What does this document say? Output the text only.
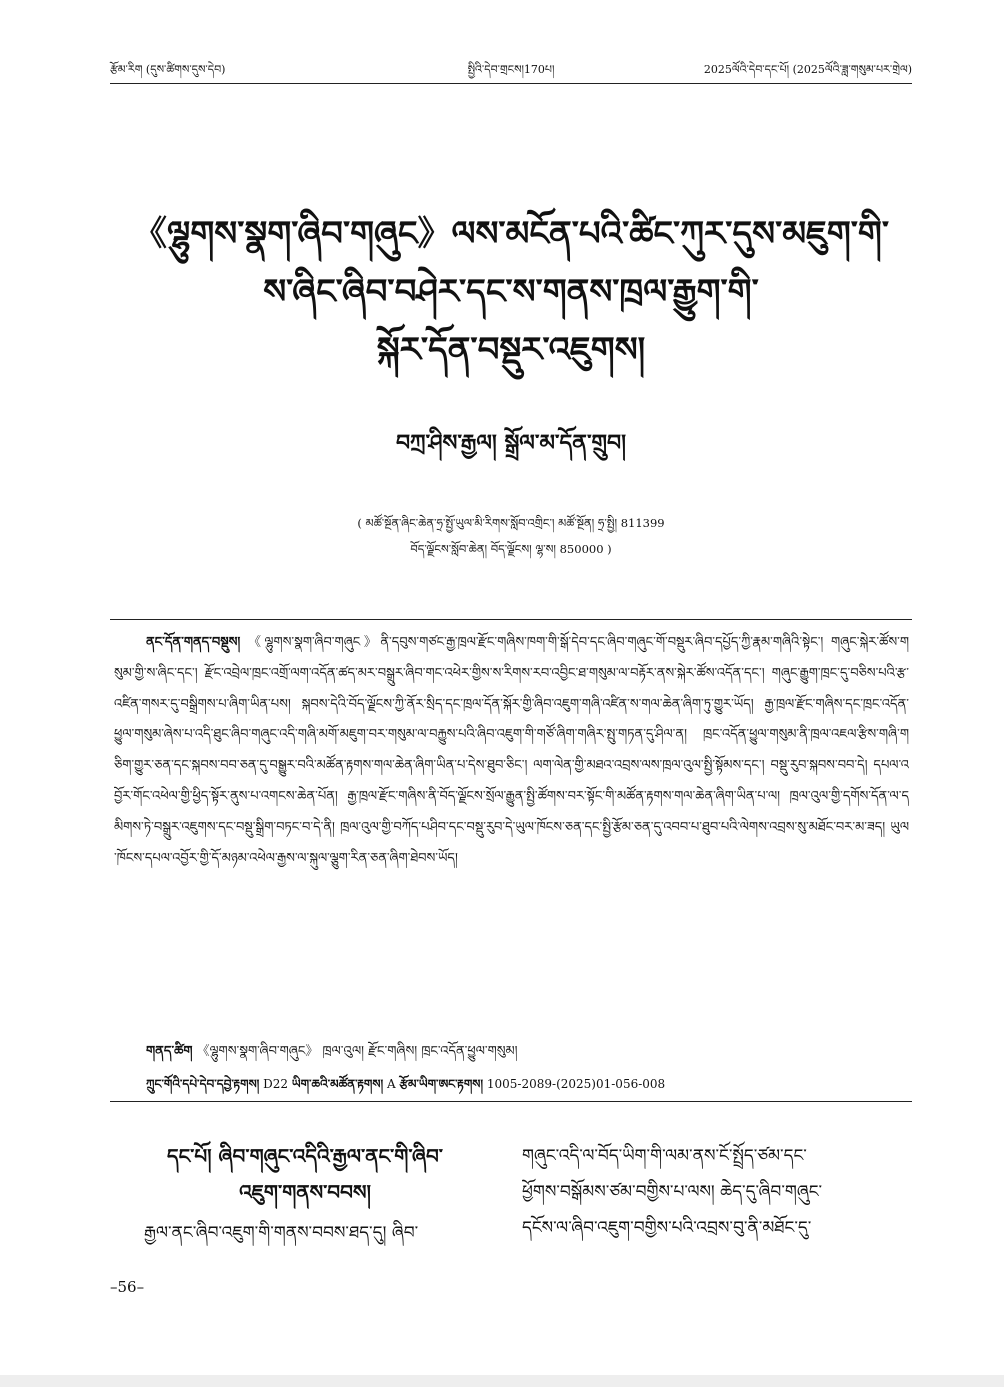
རྩོམ་རིག (དུས་ཚིགས་དུས་དེབ)	སྤྱིའི་དེབ་གྲངས།170པ།	2025ལོའི་དེབ་དང་པོ། (2025ལོའི་ཟླ་གསུམ་པར་གྲེལ)
《ལྷུགས་སྣག་ཞིབ་གཞུང》ལས་མངོན་པའི་ཚིང་ཀུར་དུས་མཇུག་གི་
ས་ཞིང་ཞིབ་བཤེར་དང་ས་གནས་ཁྲལ་རྒྱུག་གི་
སྐོར་དོན་བསྡུར་འཇུགས།
བཀྲ་ཤིས་རྒྱལ། སྒྲོལ་མ་དོན་གྲུབ།
( མཚོ་སྔོན་ཞིང་ཆེན་ཧྲ་སྤྱོ་ཡུལ་མི་རིགས་སློབ་འགྲིང་། མཚོ་སྔོན། ཧྲ་སྤྱི། 811399
བོད་ལྗོངས་སློབ་ཆེན། བོད་ལྗོངས། ལྷ་ས། 850000 )

ནང་དོན་གནད་བསྡུས། 《ལྷུགས་སྣག་ཞིབ་གཞུང》ནི་དབུས་གཙང་རྒྱ་ཁྲལ་རྫོང་གཞིས་ཁག་གི་སྒོ་དེབ་དང་ཞིབ་གཞུང་གོ་བསྡུར་ཞིབ་དཔྱོད་ཀྱི་རྣམ་གཞིའི་སྟེང་། གཞུང་སྐེར་ཚོས་གསུམ་གྱི་ས་ཞིང་དང་། རྫོང་འབྲེལ་ཁྲང་འགྲོ་ལག་འདོན་ཚད་མར་བསྒྲུར་ཞིབ་གང་འཕེར་གྱིས་ས་རིགས་རབ་འབྱིང་ཐ་གསུམ་ལ་བརྟོར་ནས་སྐེར་ཚོས་འདོན་དང་། གཞུང་རྒྱུག་ཁྲང་དུ་བཅིས་པའི་རྩ་འཛིན་གསར་དུ་བསྒྲིགས་པ་ཞིག་ཡིན་པས། སྐབས་དེའི་བོད་ལྗོངས་ཀྱི་ནོར་སྲིད་དང་ཁྲལ་དོན་སྐོར་གྱི་ཞིབ་འཇུག་གཞི་འཛིན་ས་གལ་ཆེན་ཞིག་ཏུ་གྱུར་ཡོད། རྒྱ་ཁྲལ་རྫོང་གཞིས་དང་ཁྲང་འདོན་ཕྱུལ་གསུམ་ཞེས་པ་འདི་ཐུང་ཞིབ་གཞུང་འདི་གཞི་མགོ་མཇུག་བར་གསུམ་ལ་བརྐྱུས་པའི་ཞིབ་འཇུག་གི་གཙོ་ཞིག་གཞིར་སྤུ་གཏན་དུ་ཤིལ་ན། ཁྲང་འདོན་ཕྱུལ་གསུམ་ནི་ཁྲལ་འཇལ་རྩིས་གཞི་གཅིག་གྱུར་ཅན་དང་སྐབས་བབ་ཅན་དུ་བསྒྱུར་བའི་མཚོན་རྟགས་གལ་ཆེན་ཞིག་ཡིན་པ་དེས་ཐུབ་ཅིང་། ལག་ལེན་གྱི་མཐའ་འབྲས་ལས་ཁྲལ་འུལ་སྤྱི་སྟོམས་དང་། བསྡུ་རུབ་སྐབས་བབ་དེ། དཔལ་འབྱོར་གོང་འཕེལ་གྱི་ཕྱིད་སྟོར་ནུས་པ་འགངས་ཆེན་པོན། རྒྱ་ཁྲལ་རྫོང་གཞིས་ནི་བོད་ལྗོངས་སྲོལ་རྒྱུན་སྤྱི་ཚོགས་བར་སྟོང་གི་མཚོན་རྟགས་གལ་ཆེན་ཞིག་ཡིན་པ་ལ། ཁྲལ་འུལ་གྱི་དགོས་དོན་ལ་དམིགས་ཏེ་བསྒྲུར་འཇུགས་དང་བསྡུ་སྒྲིག་བཏང་བ་དེ་ནི། ཁྲལ་འུལ་གྱི་བཀོད་པཤིབ་དང་བསྡུ་རུབ་དེ་ཡུལ་ཁོངས་ཅན་དང་སྤྱི་རྩོམ་ཅན་དུ་འབབ་པ་ཐུབ་པའི་ལེགས་འབྲས་སུ་མཐོང་བར་མ་ཟད། ཡུལ་ཁོངས་དཔལ་འབྱོར་གྱི་དོ་མཉམ་འཕེལ་རྒྱས་ལ་སྐུལ་ལྕུག་རིན་ཅན་ཞིག་ཐེབས་ཡོད།

གནད་ཚིག 《ལྷུགས་སྣག་ཞིབ་གཞུང》 ཁྲལ་འུལ། རྫོང་གཞིས། ཁྲང་འདོན་ཕྱུལ་གསུམ།
ཀྲུང་གོའི་དཔེ་དེབ་དབྱེ་རྟགས། D22 ཡིག་ཆའི་མཚོན་རྟགས། A རྩོམ་ཡིག་ཨང་རྟགས། 1005-2089-(2025)01-056-008
དང་པོ། ཞིབ་གཞུང་འདིའི་རྒྱལ་ནང་གི་ཞིབ་
འཇུག་གནས་བབས།

རྒྱལ་ནང་ཞིབ་འཇུག་གི་གནས་བབས་ཐད་དུ། ཞིབ་

གཞུང་འདི་ལ་བོད་ཡིག་གི་ལམ་ནས་ངོ་སྤྲོད་ཙམ་དང་
ཕྱོགས་བསྒོམས་ཙམ་བགྱིས་པ་ལས། ཆེད་དུ་ཞིབ་གཞུང་
དངོས་ལ་ཞིབ་འཇུག་བགྱིས་པའི་འབྲས་བུ་ནི་མཐོང་དུ་
–56–
